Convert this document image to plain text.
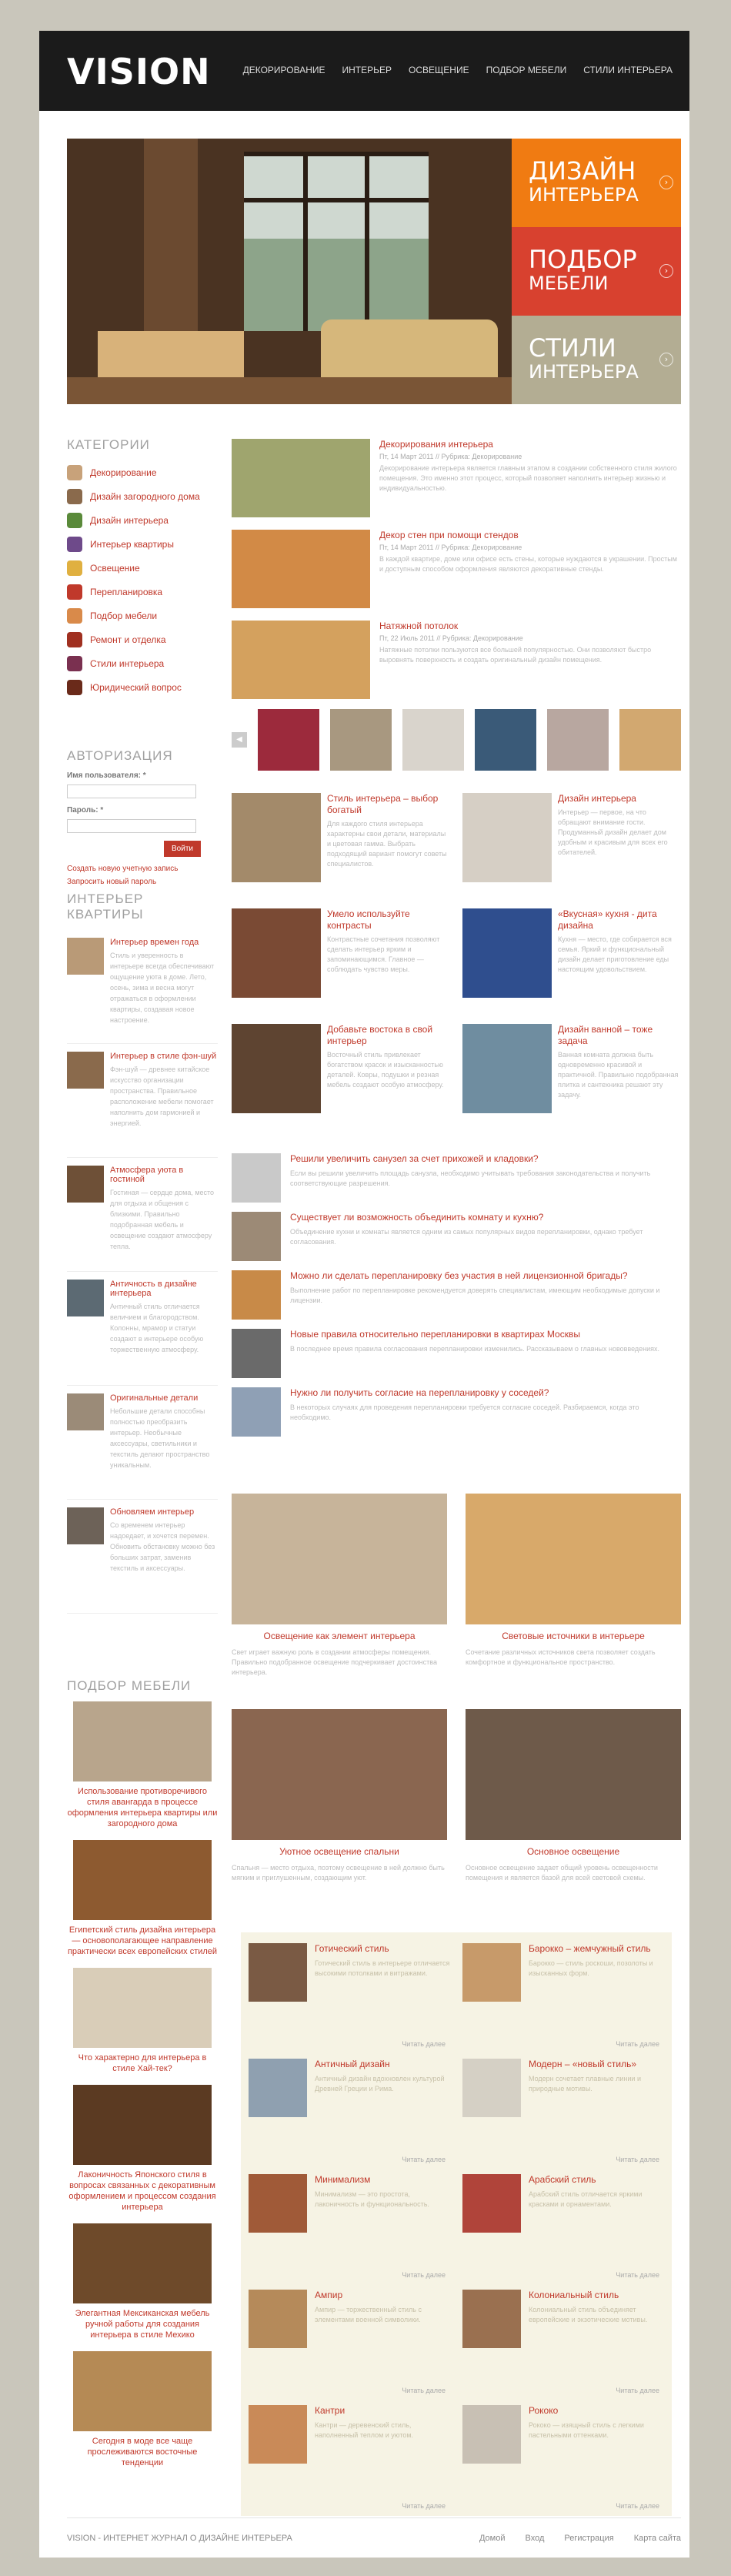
VISION	ДЕКОРИРОВАНИЕ ИНТЕРЬЕР ОСВЕЩЕНИЕ ПОДБОР МЕБЕЛИ СТИЛИ ИНТЕРЬЕРА
ДИЗАЙН
ИНТЕРЬЕРА
›
ПОДБОР
МЕБЕЛИ
›
СТИЛИ
ИНТЕРЬЕРА
›
КАТЕГОРИИ
Декорирование
Дизайн загородного дома
Дизайн интерьера
Интерьер квартиры
Освещение
Перепланировка
Подбор мебели
Ремонт и отделка
Стили интерьера
Юридический вопрос
АВТОРИЗАЦИЯ
Имя пользователя: *
Пароль: *
Войти
Создать новую учетную запись
Запросить новый пароль
ИНТЕРЬЕР КВАРТИРЫ
Интерьер времен года

Стиль и уверенность в интерьере всегда обеспечивают ощущение уюта в доме. Лето, осень, зима и весна могут отражаться в оформлении квартиры, создавая новое настроение.

Интерьер в стиле фэн-шуй

Фэн-шуй — древнее китайское искусство организации пространства. Правильное расположение мебели помогает наполнить дом гармонией и энергией.

Атмосфера уюта в гостиной

Гостиная — сердце дома, место для отдыха и общения с близкими. Правильно подобранная мебель и освещение создают атмосферу тепла.

Античность в дизайне интерьера

Античный стиль отличается величием и благородством. Колонны, мрамор и статуи создают в интерьере особую торжественную атмосферу.

Оригинальные детали

Небольшие детали способны полностью преобразить интерьер. Необычные аксессуары, светильники и текстиль делают пространство уникальным.

Обновляем интерьер

Со временем интерьер надоедает, и хочется перемен. Обновить обстановку можно без больших затрат, заменив текстиль и аксессуары.

ПОДБОР МЕБЕЛИ
Использование противоречивого стиля авангарда в процессе оформления интерьера квартиры или загородного дома
Египетский стиль дизайна интерьера — основополагающее направление практически всех европейских стилей
Что характерно для интерьера в стиле Хай-тек?
Лаконичность Японского стиля в вопросах связанных с декоративным оформлением и процессом создания интерьера
Элегантная Мексиканская мебель ручной работы для создания интерьера в стиле Мехико
Сегодня в моде все чаще прослеживаются восточные тенденции
Декорирования интерьера
Пт, 14 Март 2011 // Рубрика: Декорирование

Декорирование интерьера является главным этапом в создании собственного стиля жилого помещения. Это именно этот процесс, который позволяет наполнить интерьер жизнью и индивидуальностью.

Декор стен при помощи стендов
Пт, 14 Март 2011 // Рубрика: Декорирование

В каждой квартире, доме или офисе есть стены, которые нуждаются в украшении. Простым и доступным способом оформления являются декоративные стенды.

Натяжной потолок
Пт, 22 Июль 2011 // Рубрика: Декорирование

Натяжные потолки пользуются все большей популярностью. Они позволяют быстро выровнять поверхность и создать оригинальный дизайн помещения.

◀
Стиль интерьера – выбор богатый

Для каждого стиля интерьера характерны свои детали, материалы и цветовая гамма. Выбрать подходящий вариант помогут советы специалистов.

Дизайн интерьера

Интерьер — первое, на что обращают внимание гости. Продуманный дизайн делает дом удобным и красивым для всех его обитателей.

Умело используйте контрасты

Контрастные сочетания позволяют сделать интерьер ярким и запоминающимся. Главное — соблюдать чувство меры.

«Вкусная» кухня - дита дизайна

Кухня — место, где собирается вся семья. Яркий и функциональный дизайн делает приготовление еды настоящим удовольствием.

Добавьте востока в свой интерьер

Восточный стиль привлекает богатством красок и изысканностью деталей. Ковры, подушки и резная мебель создают особую атмосферу.

Дизайн ванной – тоже задача

Ванная комната должна быть одновременно красивой и практичной. Правильно подобранная плитка и сантехника решают эту задачу.

Решили увеличить санузел за счет прихожей и кладовки?

Если вы решили увеличить площадь санузла, необходимо учитывать требования законодательства и получить соответствующие разрешения.

Существует ли возможность объединить комнату и кухню?

Объединение кухни и комнаты является одним из самых популярных видов перепланировки, однако требует согласования.

Можно ли сделать перепланировку без участия в ней лицензионной бригады?

Выполнение работ по перепланировке рекомендуется доверять специалистам, имеющим необходимые допуски и лицензии.

Новые правила относительно перепланировки в квартирах Москвы

В последнее время правила согласования перепланировки изменились. Рассказываем о главных нововведениях.

Нужно ли получить согласие на перепланировку у соседей?

В некоторых случаях для проведения перепланировки требуется согласие соседей. Разбираемся, когда это необходимо.

Освещение как элемент интерьера

Свет играет важную роль в создании атмосферы помещения. Правильно подобранное освещение подчеркивает достоинства интерьера.

Световые источники в интерьере

Сочетание различных источников света позволяет создать комфортное и функциональное пространство.

Уютное освещение спальни

Спальня — место отдыха, поэтому освещение в ней должно быть мягким и приглушенным, создающим уют.

Основное освещение

Основное освещение задает общий уровень освещенности помещения и является базой для всей световой схемы.

Готический стиль

Готический стиль в интерьере отличается высокими потолками и витражами.

Читать далее
Барокко – жемчужный стиль

Барокко — стиль роскоши, позолоты и изысканных форм.

Читать далее
Античный дизайн

Античный дизайн вдохновлен культурой Древней Греции и Рима.

Читать далее
Модерн – «новый стиль»

Модерн сочетает плавные линии и природные мотивы.

Читать далее
Минимализм

Минимализм — это простота, лаконичность и функциональность.

Читать далее
Арабский стиль

Арабский стиль отличается яркими красками и орнаментами.

Читать далее
Ампир

Ампир — торжественный стиль с элементами военной символики.

Читать далее
Колониальный стиль

Колониальный стиль объединяет европейские и экзотические мотивы.

Читать далее
Кантри

Кантри — деревенский стиль, наполненный теплом и уютом.

Читать далее
Рококо

Рококо — изящный стиль с легкими пастельными оттенками.

Читать далее
VISION - ИНТЕРНЕТ ЖУРНАЛ О ДИЗАЙНЕ ИНТЕРЬЕРА	Домой Вход Регистрация Карта сайта
